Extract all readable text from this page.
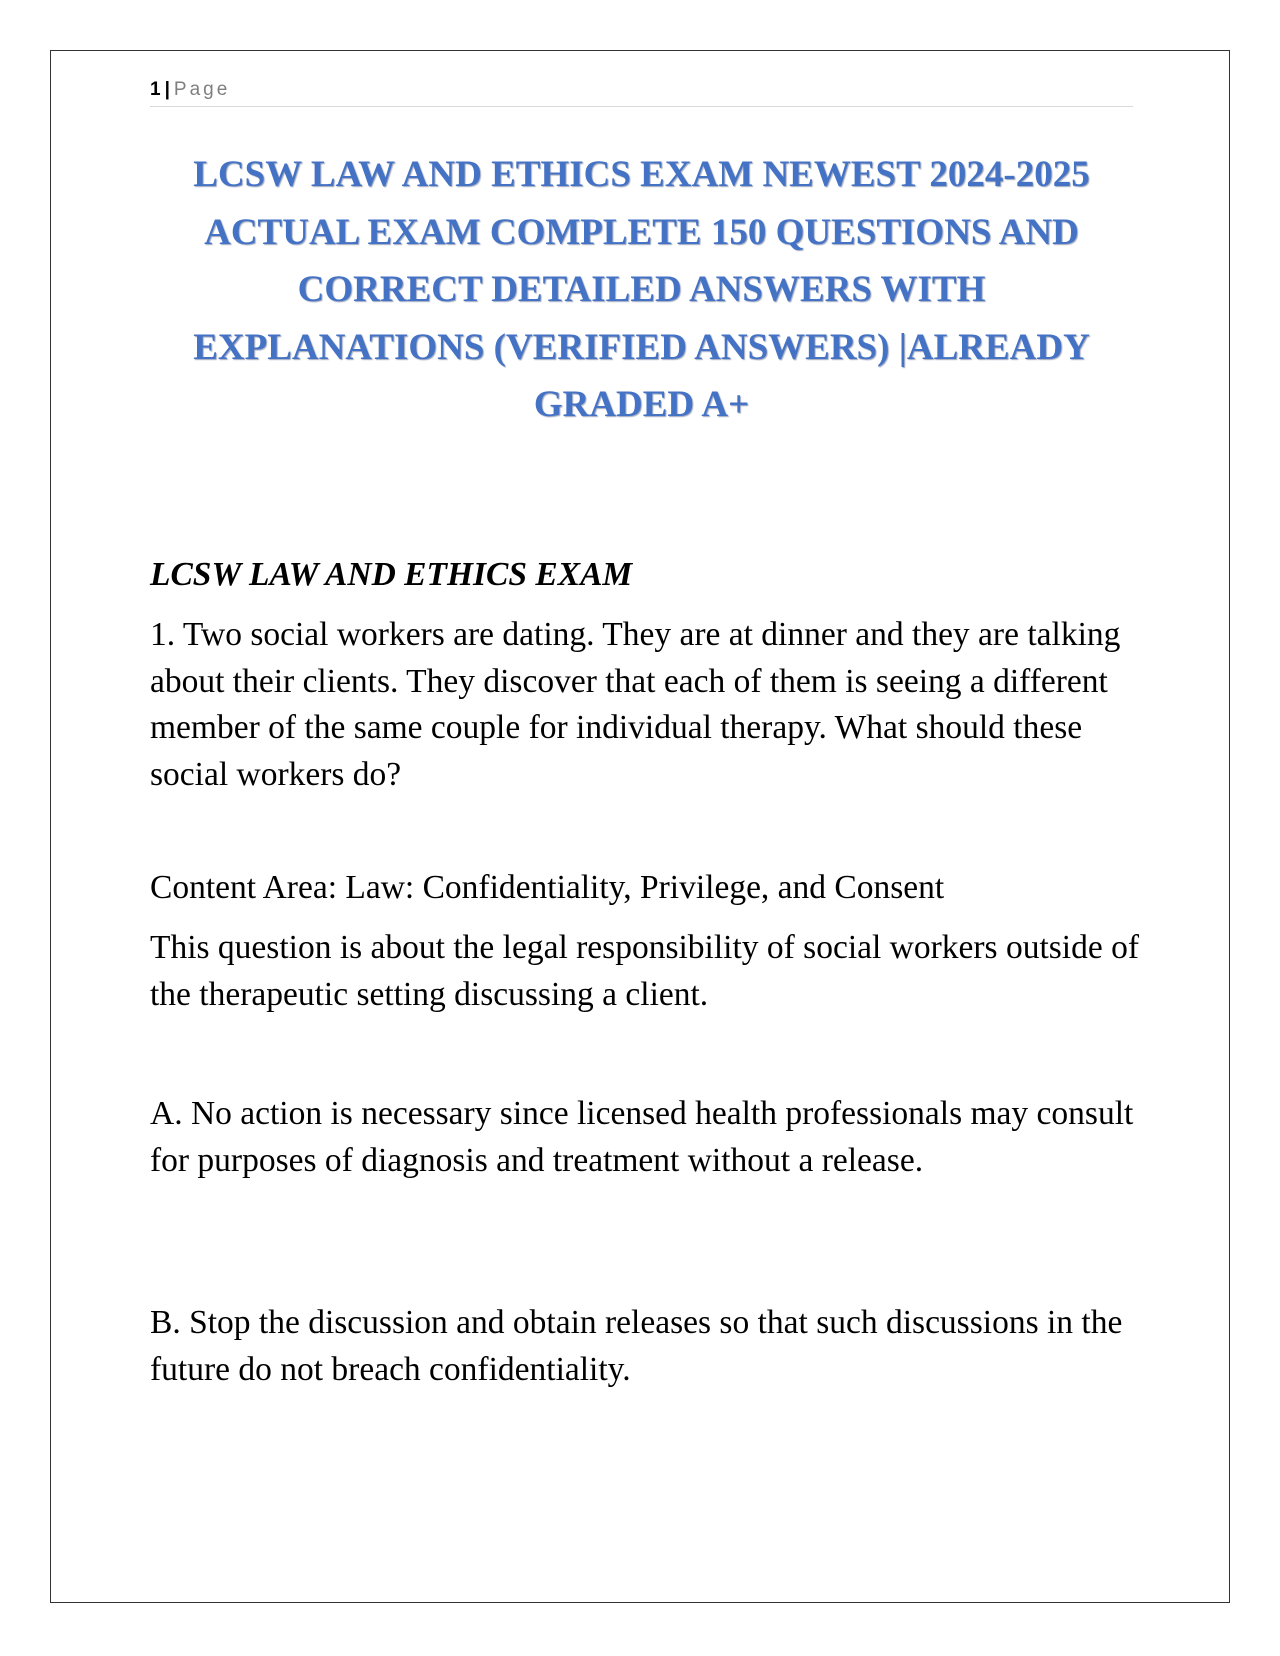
1 | Page
LCSW LAW AND ETHICS EXAM NEWEST 2024-2025 ACTUAL EXAM COMPLETE 150 QUESTIONS AND CORRECT DETAILED ANSWERS WITH EXPLANATIONS (VERIFIED ANSWERS) |ALREADY GRADED A+

LCSW LAW AND ETHICS EXAM

1. Two social workers are dating. They are at dinner and they are talking about their clients. They discover that each of them is seeing a different member of the same couple for individual therapy. What should these social workers do?

Content Area: Law: Confidentiality, Privilege, and Consent

This question is about the legal responsibility of social workers outside of the therapeutic setting discussing a client.

A. No action is necessary since licensed health professionals may consult for purposes of diagnosis and treatment without a release.

B. Stop the discussion and obtain releases so that such discussions in the future do not breach confidentiality.
